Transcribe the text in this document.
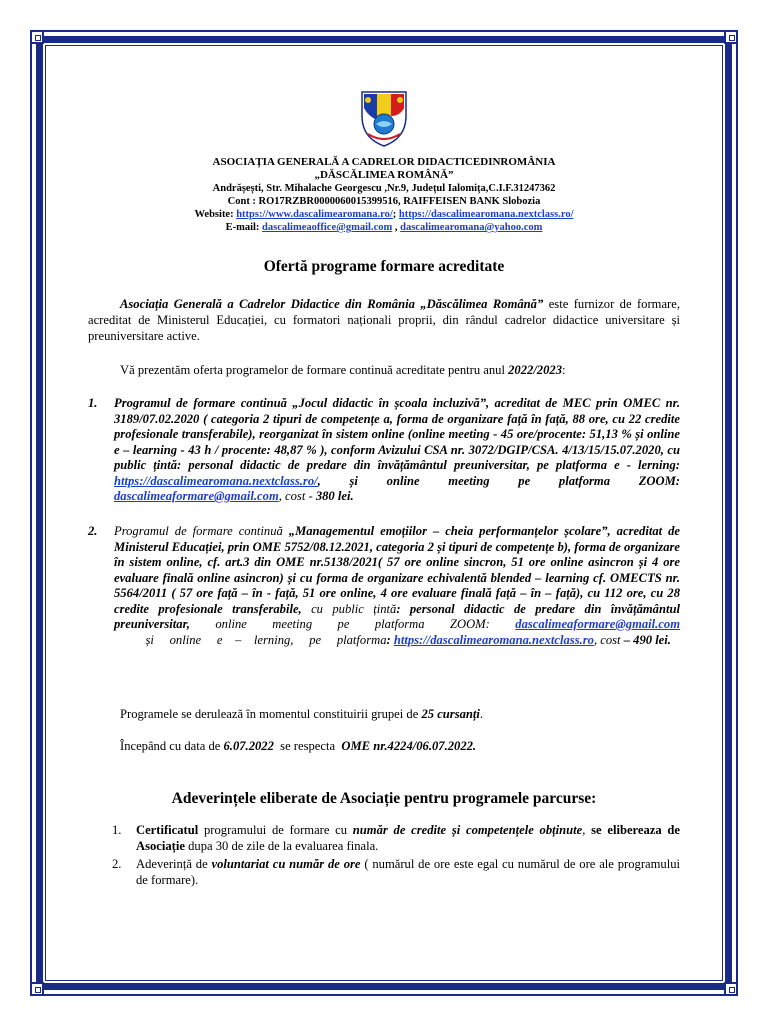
ASOCIAȚIA GENERALĂ A CADRELOR DIDACTICEDINROMÂNIA
„DĂSCĂLIMEA ROMÂNĂ”
Andrășești, Str. Mihalache Georgescu ,Nr.9, Județul Ialomița,C.I.F.31247362
Cont : RO17RZBR0000060015399516, RAIFFEISEN BANK Slobozia
Website: https://www.dascalimearomana.ro/; https://dascalimearomana.nextclass.ro/
E-mail: dascalimeaoffice@gmail.com , dascalimearomana@yahoo.com
Ofertă programe formare acreditate
Asociația Generală a Cadrelor Didactice din România „Dăscălimea Română” este furnizor de formare, acreditat de Ministerul Educației, cu formatori naționali proprii, din rândul cadrelor didactice universitare și preuniversitare active.
Vă prezentăm oferta programelor de formare continuă acreditate pentru anul 2022/2023:
1. Programul de formare continuă „Jocul didactic în școala incluzivă”, acreditat de MEC prin OMEC nr. 3189/07.02.2020 ( categoria 2 tipuri de competențe a, forma de organizare față în față, 88 ore, cu 22 credite profesionale transferabile), reorganizat în sistem online (online meeting - 45 ore/procente: 51,13 % și online e – learning - 43 h / procente: 48,87 % ), conform Avizului CSA nr. 3072/DGIP/CSA. 4/13/15/15.07.2020, cu public țintă: personal didactic de predare din învățământul preuniversitar, pe platforma e - lerning: https://dascalimearomana.nextclass.ro/, și online meeting pe platforma ZOOM: dascalimeaformare@gmail.com, cost - 380 lei.
2. Programul de formare continuă „Managementul emoțiilor – cheia performanțelor școlare”, acreditat de Ministerul Educației, prin OME 5752/08.12.2021, categoria 2 și tipuri de competențe b), forma de organizare în sistem online, cf. art.3 din OME nr.5138/2021( 57 ore online sincron, 51 ore online asincron și 4 ore evaluare finală online asincron) și cu forma de organizare echivalentă blended – learning cf. OMECTS nr. 5564/2011 ( 57 ore față – în - față, 51 ore online, 4 ore evaluare finală față – în – față), cu 112 ore, cu 28 credite profesionale transferabile, cu public țintă: personal didactic de predare din învățământul preuniversitar, online meeting pe platforma ZOOM: dascalimeaformare@gmail.com          și     online     e    –    lerning,     pe     platforma: https://dascalimearomana.nextclass.ro, cost – 490 lei.
Programele se derulează în momentul constituirii grupei de 25 cursanți.
Începând cu data de 6.07.2022  se respecta  OME nr.4224/06.07.2022.
Adeverințele eliberate de Asociație pentru programele parcurse:
1. Certificatul programului de formare cu număr de credite și competențele obținute, se elibereaza de Asociație dupa 30 de zile de la evaluarea finala.
2. Adeverință de voluntariat cu număr de ore ( numărul de ore este egal cu numărul de ore ale programului de formare).
